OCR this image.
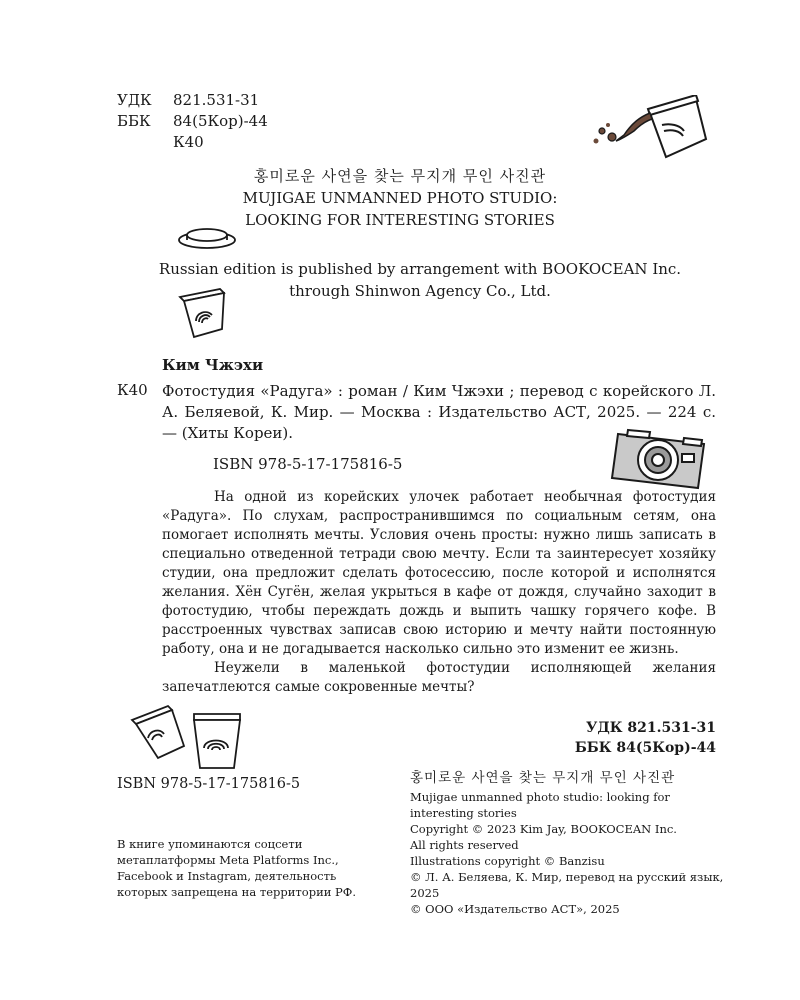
УДК 821.531-31
ББК 84(5Кор)-44
К40
홍미로운 사연을 찾는 무지개 무인 사진관
MUJIGAE UNMANNED PHOTO STUDIO:
LOOKING FOR INTERESTING STORIES
Russian edition is published by arrangement with BOOKOCEAN Inc.
through Shinwon Agency Co., Ltd.
Ким Чжэхи
К40 Фотостудия «Радуга» : роман / Ким Чжэхи ; перевод с корейского Л. А. Беляевой, К. Мир. — Москва : Издательство АСТ, 2025. — 224 с. — (Хиты Кореи).
ISBN 978-5-17-175816-5

На одной из корейских улочек работает необычная фотостудия «Радуга». По слухам, распространившимся по социальным сетям, она помогает исполнять мечты. Условия очень просты: нужно лишь записать в специально отведенной тетради свою мечту. Если та заинтересует хозяйку студии, она предложит сделать фотосессию, после которой и исполнятся желания. Хён Сугён, желая укрыться в кафе от дождя, случайно заходит в фотостудию, чтобы переждать дождь и выпить чашку горячего кофе. В расстроенных чувствах записав свою историю и мечту найти постоянную работу, она и не догадывается насколько сильно это изменит ее жизнь.

Неужели в маленькой фотостудии исполняющей желания запечатлеются самые сокровенные мечты?

УДК 821.531-31
ББК 84(5Кор)-44
ISBN 978-5-17-175816-5
В книге упоминаются соцсети метаплатформы Meta Platforms Inc., Facebook и Instagram, деятельность которых запрещена на территории РФ.
홍미로운 사연을 찾는 무지개 무인 사진관
Mujigae unmanned photo studio: looking for interesting stories
Copyright © 2023 Kim Jay, BOOKOCEAN Inc.
All rights reserved
Illustrations copyright © Banzisu
© Л. А. Беляева, К. Мир, перевод на русский язык, 2025
© ООО «Издательство АСТ», 2025
